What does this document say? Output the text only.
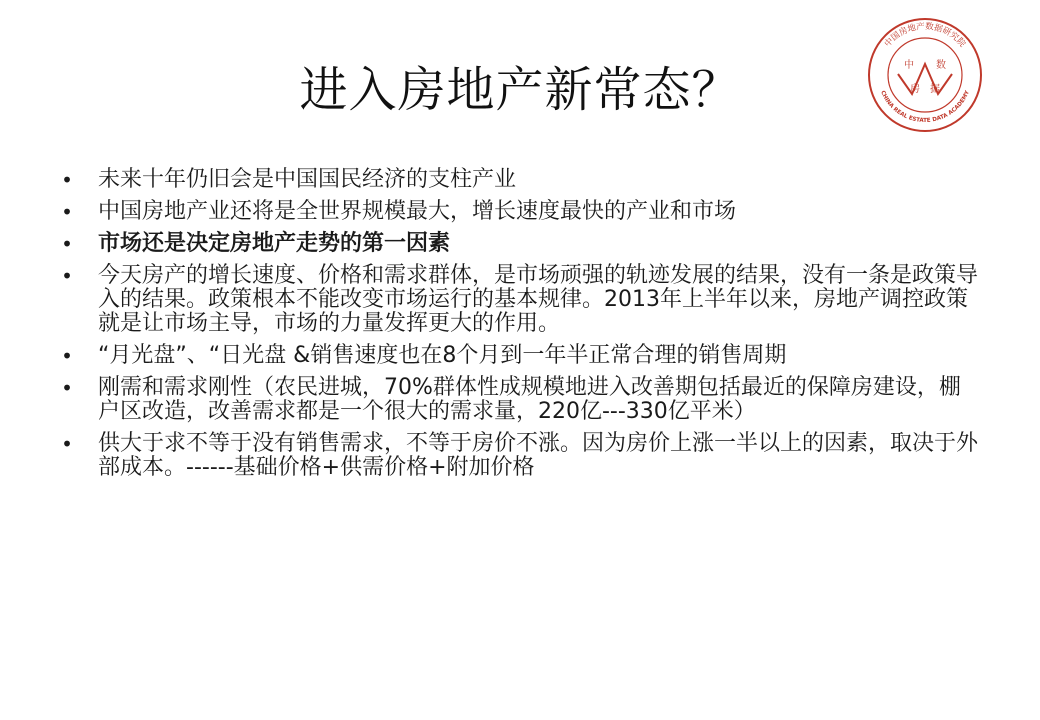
进入房地产新常态？
中国房地产数据研究院
CHINA REAL ESTATE DATA ACADEMY
中 数
房 据
• 未来十年仍旧会是中国国民经济的支柱产业
• 中国房地产业还将是全世界规模最大，增长速度最快的产业和市场
• 市场还是决定房地产走势的第一因素
• 今天房产的增长速度、价格和需求群体，是市场顽强的轨迹发展的结果，没有一条是政策导入的结果。政策根本不能改变市场运行的基本规律。2013年上半年以来，房地产调控政策就是让市场主导，市场的力量发挥更大的作用。
• “月光盘”、“日光盘 &销售速度也在8个月到一年半正常合理的销售周期
• 刚需和需求刚性（农民进城，70%群体性成规模地进入改善期包括最近的保障房建设，棚户区改造，改善需求都是一个很大的需求量，220亿---330亿平米）
• 供大于求不等于没有销售需求，不等于房价不涨。因为房价上涨一半以上的因素，取决于外部成本。------基础价格+供需价格+附加价格
